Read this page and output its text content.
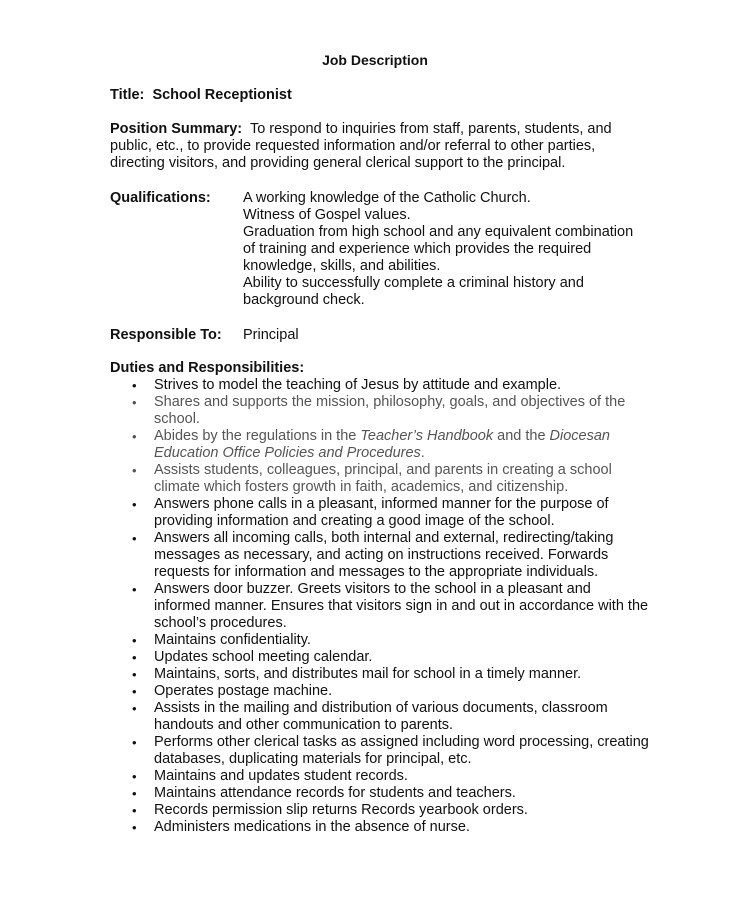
Job Description
Title: School Receptionist
Position Summary: To respond to inquiries from staff, parents, students, and public, etc., to provide requested information and/or referral to other parties, directing visitors, and providing general clerical support to the principal.
Qualifications: A working knowledge of the Catholic Church.
Witness of Gospel values.
Graduation from high school and any equivalent combination of training and experience which provides the required knowledge, skills, and abilities.
Ability to successfully complete a criminal history and background check.
Responsible To: Principal
Duties and Responsibilities:
• Strives to model the teaching of Jesus by attitude and example.
• Shares and supports the mission, philosophy, goals, and objectives of the school.
• Abides by the regulations in the Teacher’s Handbook and the Diocesan Education Office Policies and Procedures.
• Assists students, colleagues, principal, and parents in creating a school climate which fosters growth in faith, academics, and citizenship.
• Answers phone calls in a pleasant, informed manner for the purpose of providing information and creating a good image of the school.
• Answers all incoming calls, both internal and external, redirecting/taking messages as necessary, and acting on instructions received. Forwards requests for information and messages to the appropriate individuals.
• Answers door buzzer. Greets visitors to the school in a pleasant and informed manner. Ensures that visitors sign in and out in accordance with the school’s procedures.
• Maintains confidentiality.
• Updates school meeting calendar.
• Maintains, sorts, and distributes mail for school in a timely manner.
• Operates postage machine.
• Assists in the mailing and distribution of various documents, classroom handouts and other communication to parents.
• Performs other clerical tasks as assigned including word processing, creating databases, duplicating materials for principal, etc.
• Maintains and updates student records.
• Maintains attendance records for students and teachers.
• Records permission slip returns Records yearbook orders.
• Administers medications in the absence of nurse.
